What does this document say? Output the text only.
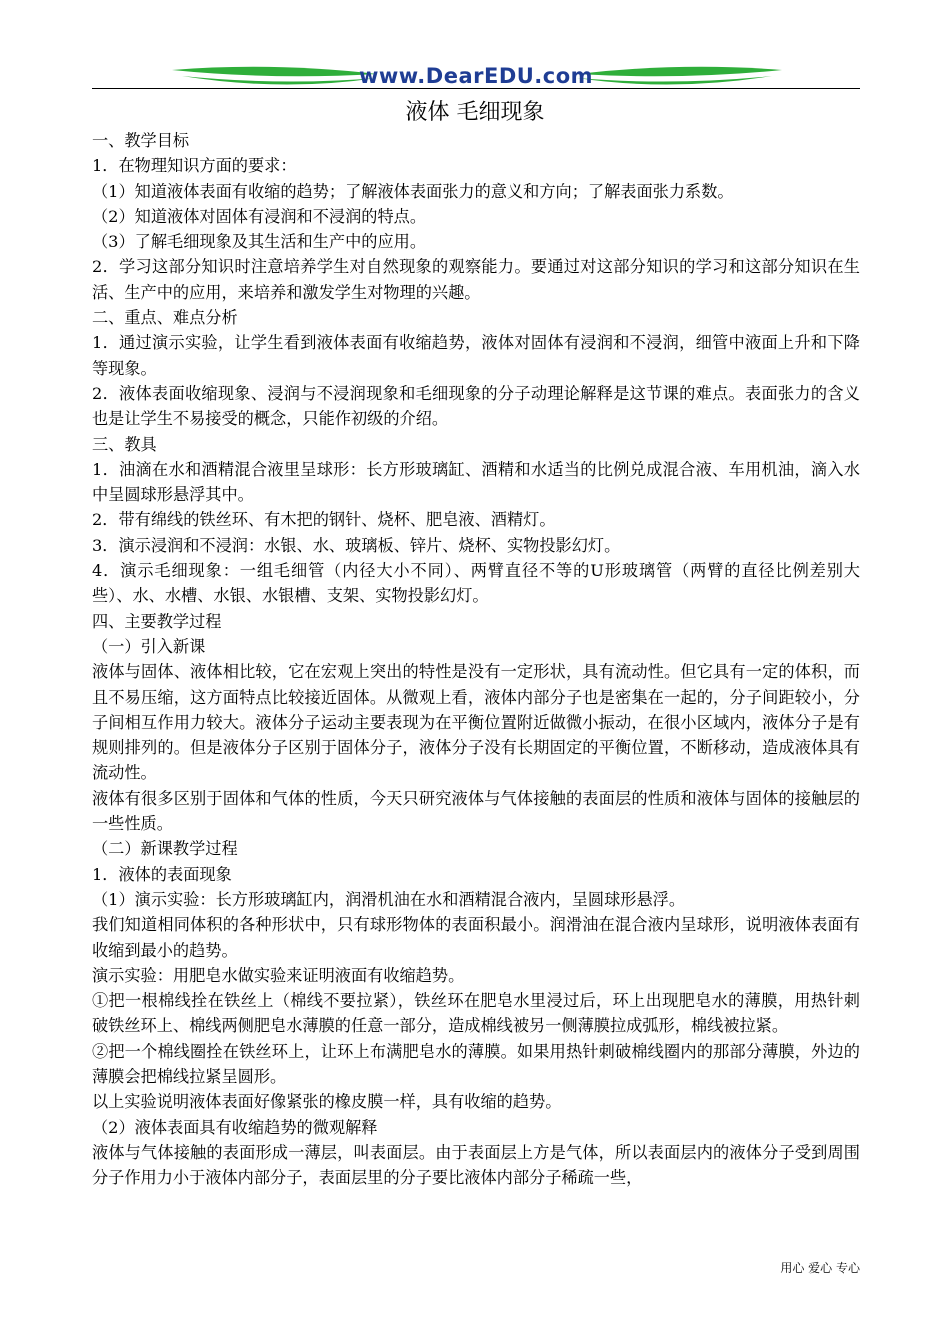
www.DearEDU.com
液体 毛细现象

一、教学目标

1．在物理知识方面的要求：

（1）知道液体表面有收缩的趋势；了解液体表面张力的意义和方向；了解表面张力系数。

（2）知道液体对固体有浸润和不浸润的特点。

（3）了解毛细现象及其生活和生产中的应用。

2．学习这部分知识时注意培养学生对自然现象的观察能力。要通过对这部分知识的学习和这部分知识在生活、生产中的应用，来培养和激发学生对物理的兴趣。

二、重点、难点分析

1．通过演示实验，让学生看到液体表面有收缩趋势，液体对固体有浸润和不浸润，细管中液面上升和下降等现象。

2．液体表面收缩现象、浸润与不浸润现象和毛细现象的分子动理论解释是这节课的难点。表面张力的含义也是让学生不易接受的概念，只能作初级的介绍。

三、教具

1．油滴在水和酒精混合液里呈球形：长方形玻璃缸、酒精和水适当的比例兑成混合液、车用机油，滴入水中呈圆球形悬浮其中。

2．带有绵线的铁丝环、有木把的钢针、烧杯、肥皂液、酒精灯。

3．演示浸润和不浸润：水银、水、玻璃板、锌片、烧杯、实物投影幻灯。

4．演示毛细现象：一组毛细管（内径大小不同）、两臂直径不等的U形玻璃管（两臂的直径比例差别大些）、水、水槽、水银、水银槽、支架、实物投影幻灯。

四、主要教学过程

（一）引入新课

液体与固体、液体相比较，它在宏观上突出的特性是没有一定形状，具有流动性。但它具有一定的体积，而且不易压缩，这方面特点比较接近固体。从微观上看，液体内部分子也是密集在一起的，分子间距较小，分子间相互作用力较大。液体分子运动主要表现为在平衡位置附近做微小振动，在很小区域内，液体分子是有规则排列的。但是液体分子区别于固体分子，液体分子没有长期固定的平衡位置，不断移动，造成液体具有流动性。

液体有很多区别于固体和气体的性质，今天只研究液体与气体接触的表面层的性质和液体与固体的接触层的一些性质。

（二）新课教学过程

1．液体的表面现象

（1）演示实验：长方形玻璃缸内，润滑机油在水和酒精混合液内，呈圆球形悬浮。

我们知道相同体积的各种形状中，只有球形物体的表面积最小。润滑油在混合液内呈球形，说明液体表面有收缩到最小的趋势。

演示实验：用肥皂水做实验来证明液面有收缩趋势。

①把一根棉线拴在铁丝上（棉线不要拉紧），铁丝环在肥皂水里浸过后，环上出现肥皂水的薄膜，用热针刺破铁丝环上、棉线两侧肥皂水薄膜的任意一部分，造成棉线被另一侧薄膜拉成弧形，棉线被拉紧。

②把一个棉线圈拴在铁丝环上，让环上布满肥皂水的薄膜。如果用热针刺破棉线圈内的那部分薄膜，外边的薄膜会把棉线拉紧呈圆形。

以上实验说明液体表面好像紧张的橡皮膜一样，具有收缩的趋势。

（2）液体表面具有收缩趋势的微观解释

液体与气体接触的表面形成一薄层，叫表面层。由于表面层上方是气体，所以表面层内的液体分子受到周围分子作用力小于液体内部分子，表面层里的分子要比液体内部分子稀疏一些，

用心 爱心 专心
